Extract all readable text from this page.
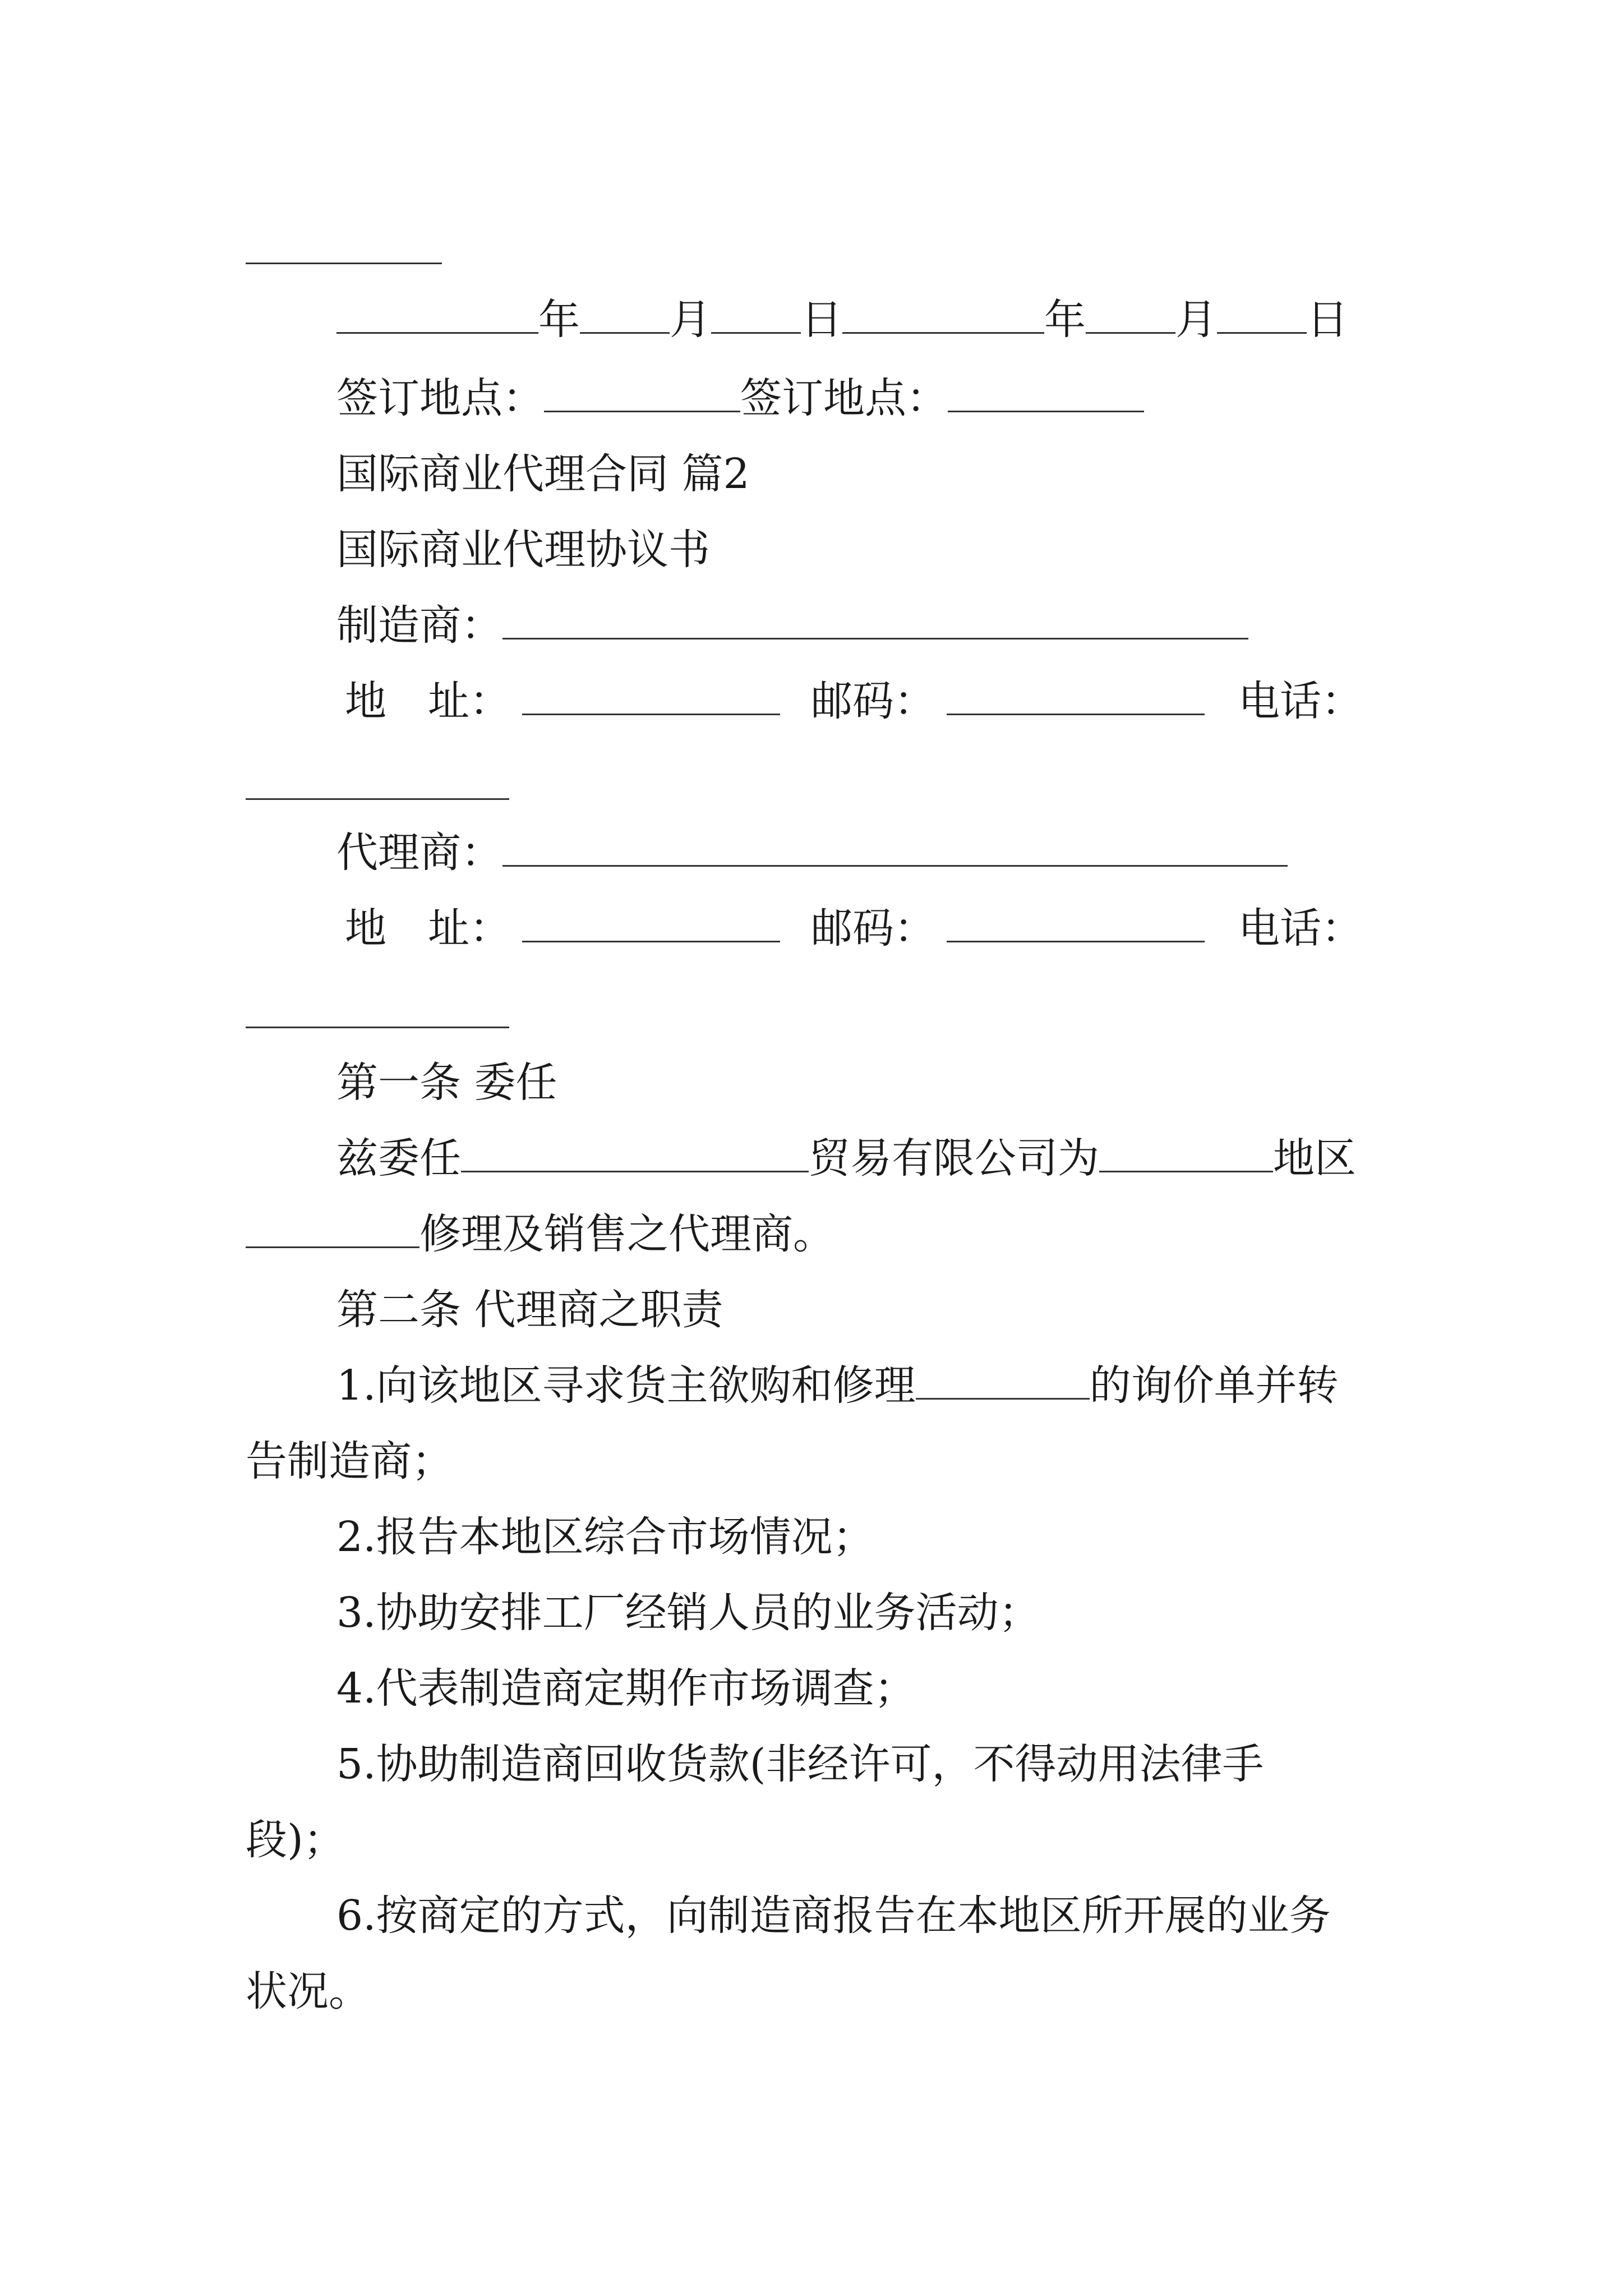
年 月 日	年 月 日
签订地点：	签订地点：
国际商业代理合同 篇2
国际商业代理协议书
制造商：
地　址：	邮码：	电话：
代理商：
地　址：	邮码：	电话：
第一条 委任
兹委任	贸易有限公司为	地区
修理及销售之代理商。
第二条 代理商之职责
1.向该地区寻求货主欲购和修理	的询价单并转
告制造商；
2.报告本地区综合市场情况；
3.协助安排工厂经销人员的业务活动；
4.代表制造商定期作市场调查；
5.协助制造商回收货款(非经许可，不得动用法律手
段)；
6.按商定的方式，向制造商报告在本地区所开展的业务
状况。
